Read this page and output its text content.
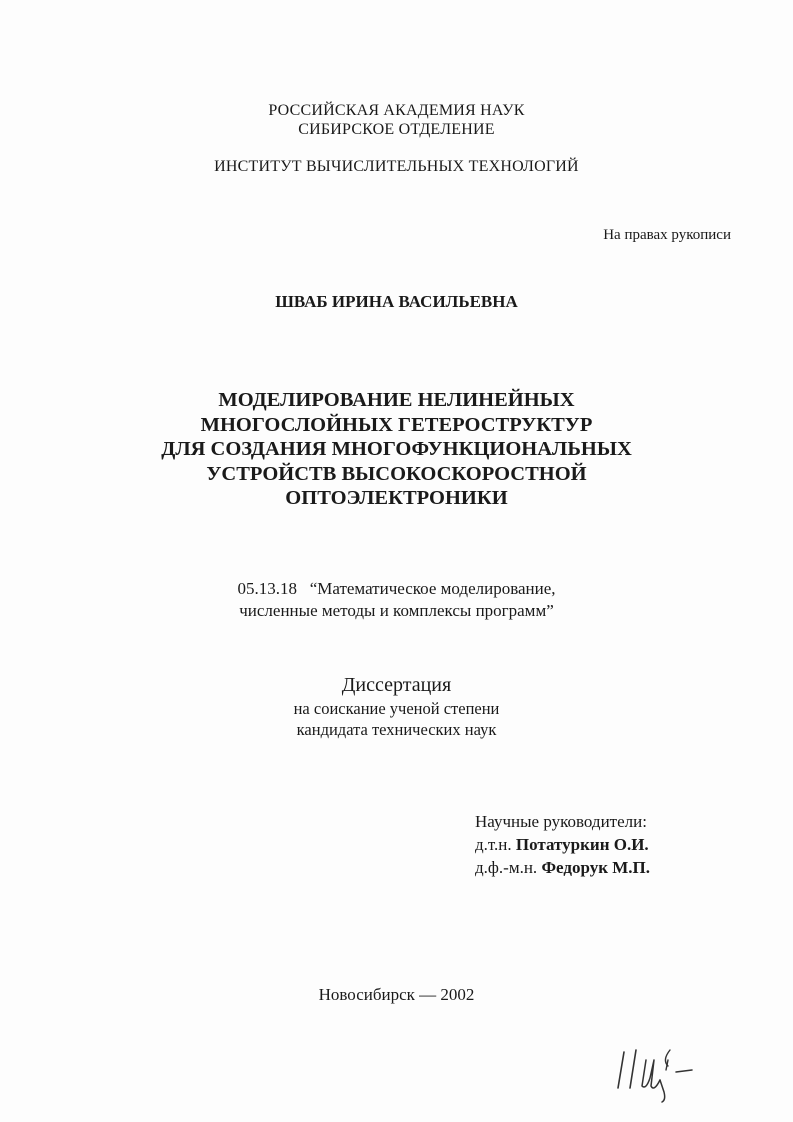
РОССИЙСКАЯ АКАДЕМИЯ НАУК
СИБИРСКОЕ ОТДЕЛЕНИЕ
ИНСТИТУТ ВЫЧИСЛИТЕЛЬНЫХ ТЕХНОЛОГИЙ
На правах рукописи
ШВАБ ИРИНА ВАСИЛЬЕВНА
МОДЕЛИРОВАНИЕ НЕЛИНЕЙНЫХ
МНОГОСЛОЙНЫХ ГЕТЕРОСТРУКТУР
ДЛЯ СОЗДАНИЯ МНОГОФУНКЦИОНАЛЬНЫХ
УСТРОЙСТВ ВЫСОКОСКОРОСТНОЙ
ОПТОЭЛЕКТРОНИКИ
05.13.18   “Математическое моделирование,
численные методы и комплексы программ”
Диссертация
на соискание ученой степени
кандидата технических наук
Научные руководители:
д.т.н. Потатуркин О.И.
д.ф.-м.н. Федорук М.П.
Новосибирск — 2002
